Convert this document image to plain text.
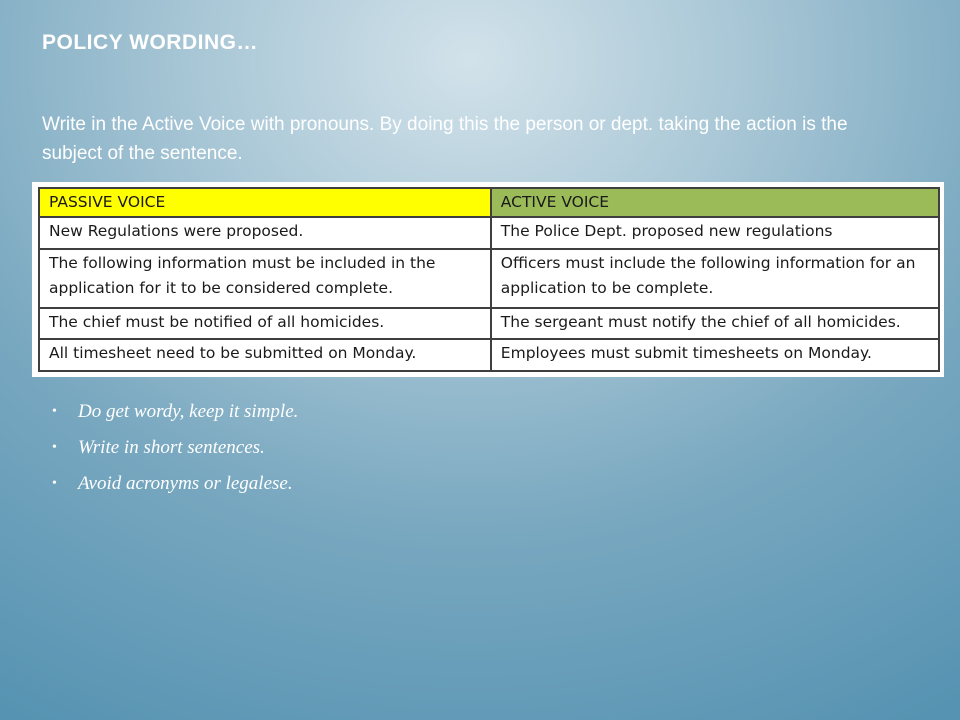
POLICY WORDING…
Write in the Active Voice with pronouns. By doing this the person or dept. taking the action is the subject of the sentence.
PASSIVE VOICE	ACTIVE VOICE
New Regulations were proposed.	The Police Dept. proposed new regulations
The following information must be included in the application for it to be considered complete.	Officers must include the following information for an application to be complete.
The chief must be notified of all homicides.	The sergeant must notify the chief of all homicides.
All timesheet need to be submitted on Monday.	Employees must submit timesheets on Monday.
• Do get wordy, keep it simple.
• Write in short sentences.
• Avoid acronyms or legalese.
